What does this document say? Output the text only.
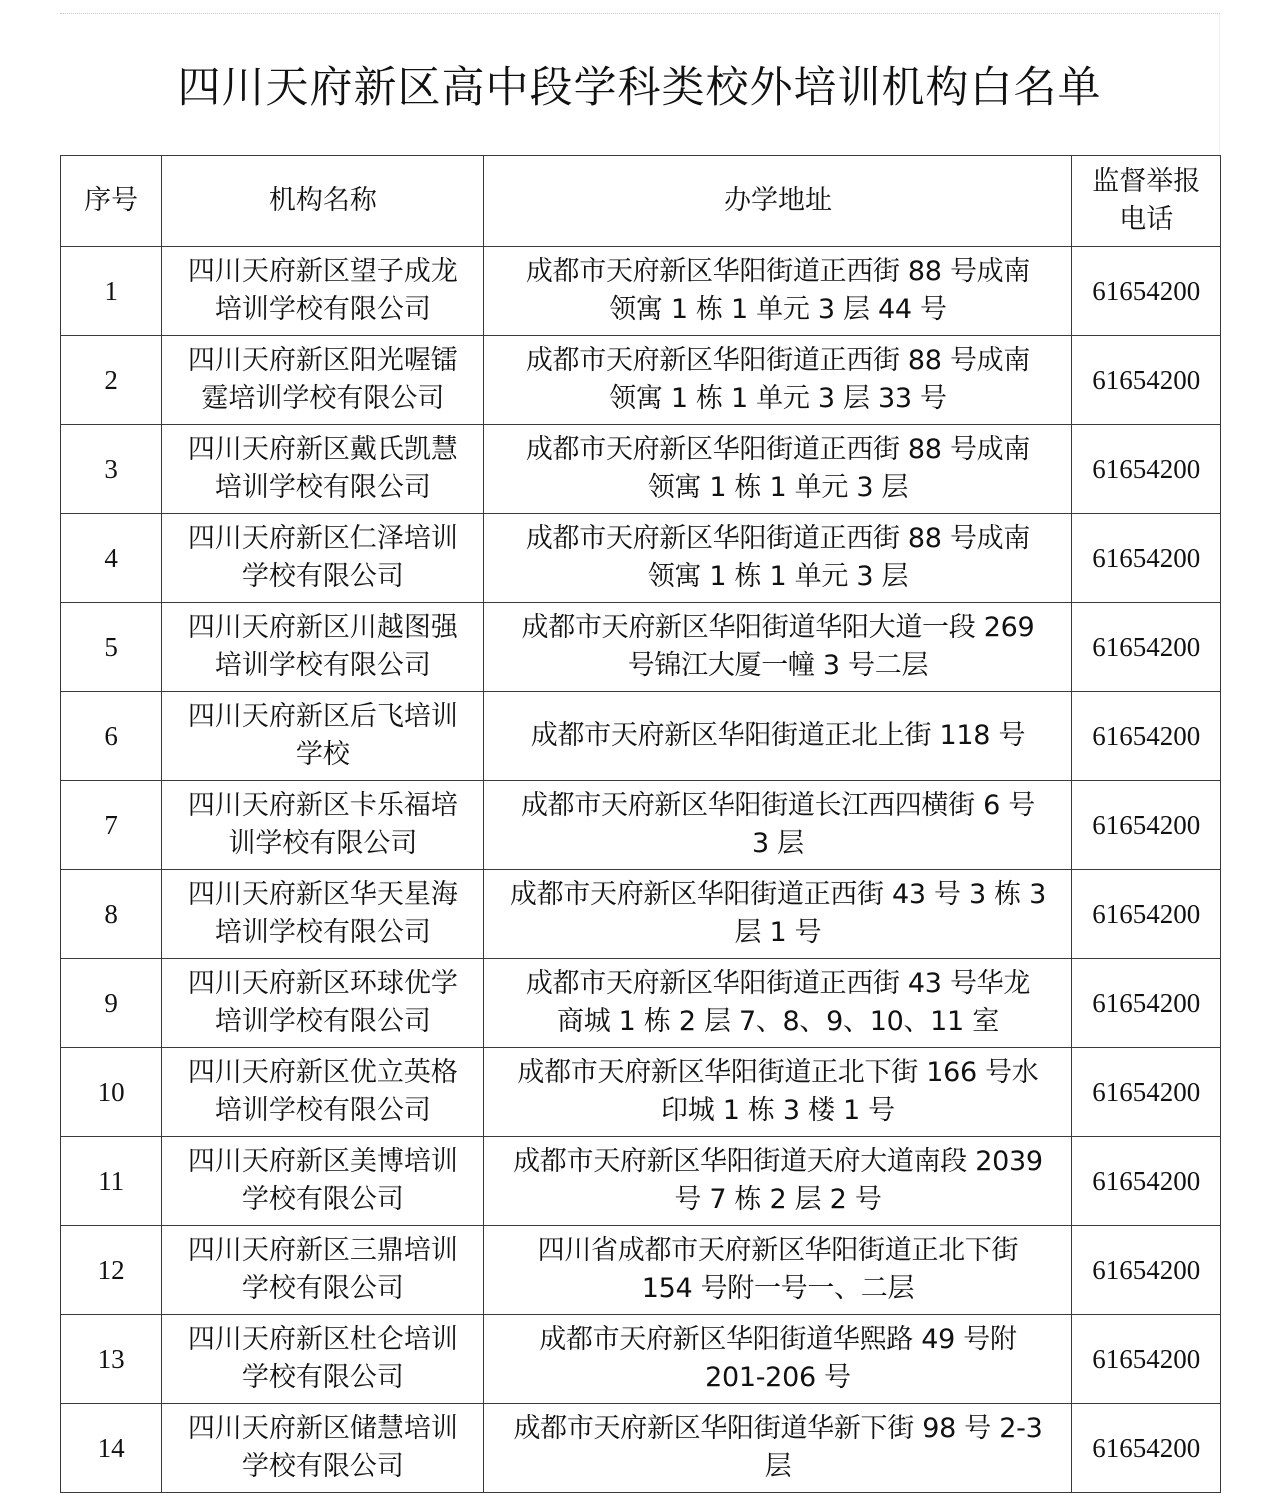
四川天府新区高中段学科类校外培训机构白名单
序号	机构名称	办学地址	监督举报
电话

1	四川天府新区望子成龙
培训学校有限公司	成都市天府新区华阳街道正西街 88 号成南
领寓 1 栋 1 单元 3 层 44 号	61654200
2	四川天府新区阳光喔镭
霆培训学校有限公司	成都市天府新区华阳街道正西街 88 号成南
领寓 1 栋 1 单元 3 层 33 号	61654200
3	四川天府新区戴氏凯慧
培训学校有限公司	成都市天府新区华阳街道正西街 88 号成南
领寓 1 栋 1 单元 3 层	61654200
4	四川天府新区仁泽培训
学校有限公司	成都市天府新区华阳街道正西街 88 号成南
领寓 1 栋 1 单元 3 层	61654200
5	四川天府新区川越图强
培训学校有限公司	成都市天府新区华阳街道华阳大道一段 269
号锦江大厦一幢 3 号二层	61654200
6	四川天府新区后飞培训
学校	成都市天府新区华阳街道正北上街 118 号	61654200
7	四川天府新区卡乐福培
训学校有限公司	成都市天府新区华阳街道长江西四横街 6 号
3 层	61654200
8	四川天府新区华天星海
培训学校有限公司	成都市天府新区华阳街道正西街 43 号 3 栋 3
层 1 号	61654200
9	四川天府新区环球优学
培训学校有限公司	成都市天府新区华阳街道正西街 43 号华龙
商城 1 栋 2 层 7、8、9、10、11 室	61654200
10	四川天府新区优立英格
培训学校有限公司	成都市天府新区华阳街道正北下街 166 号水
印城 1 栋 3 楼 1 号	61654200
11	四川天府新区美博培训
学校有限公司	成都市天府新区华阳街道天府大道南段 2039
号 7 栋 2 层 2 号	61654200
12	四川天府新区三鼎培训
学校有限公司	四川省成都市天府新区华阳街道正北下街
154 号附一号一、二层	61654200
13	四川天府新区杜仑培训
学校有限公司	成都市天府新区华阳街道华熙路 49 号附
201-206 号	61654200
14	四川天府新区储慧培训
学校有限公司	成都市天府新区华阳街道华新下街 98 号 2-3
层	61654200
